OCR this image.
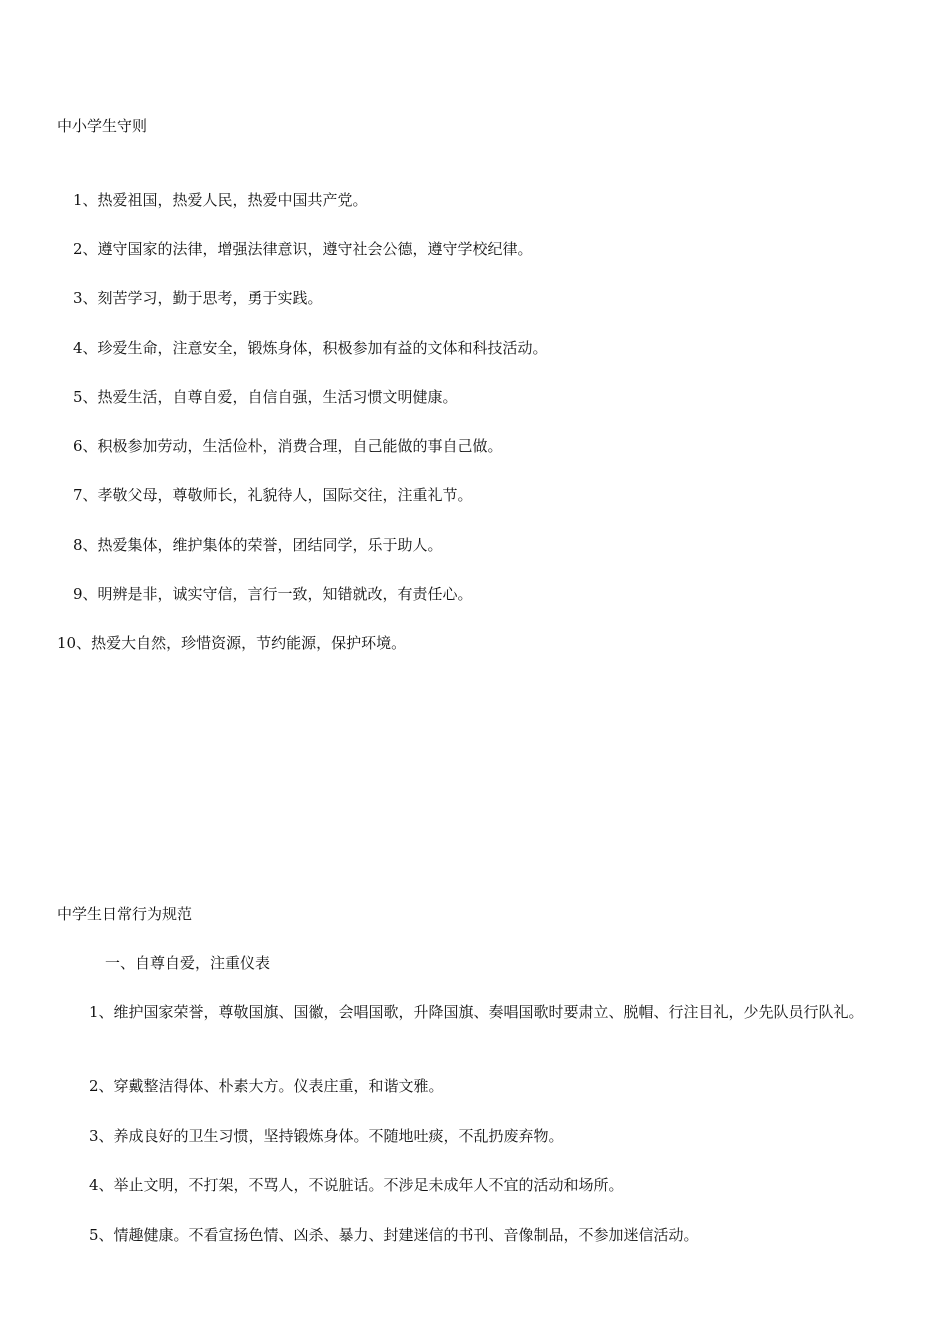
中小学生守则
1、热爱祖国，热爱人民，热爱中国共产党。
2、遵守国家的法律，增强法律意识，遵守社会公德，遵守学校纪律。
3、刻苦学习，勤于思考，勇于实践。
4、珍爱生命，注意安全，锻炼身体，积极参加有益的文体和科技活动。
5、热爱生活，自尊自爱，自信自强，生活习惯文明健康。
6、积极参加劳动，生活俭朴，消费合理，自己能做的事自己做。
7、孝敬父母，尊敬师长，礼貌待人，国际交往，注重礼节。
8、热爱集体，维护集体的荣誉，团结同学，乐于助人。
9、明辨是非，诚实守信，言行一致，知错就改，有责任心。
10、热爱大自然，珍惜资源，节约能源，保护环境。
中学生日常行为规范
一、自尊自爱，注重仪表
1、维护国家荣誉，尊敬国旗、国徽，会唱国歌，升降国旗、奏唱国歌时要肃立、脱帽、行注目礼，少先队员行队礼。
2、穿戴整洁得体、朴素大方。仪表庄重，和谐文雅。
3、养成良好的卫生习惯，坚持锻炼身体。不随地吐痰，不乱扔废弃物。
4、举止文明，不打架，不骂人，不说脏话。不涉足未成年人不宜的活动和场所。
5、情趣健康。不看宣扬色情、凶杀、暴力、封建迷信的书刊、音像制品，不参加迷信活动。
